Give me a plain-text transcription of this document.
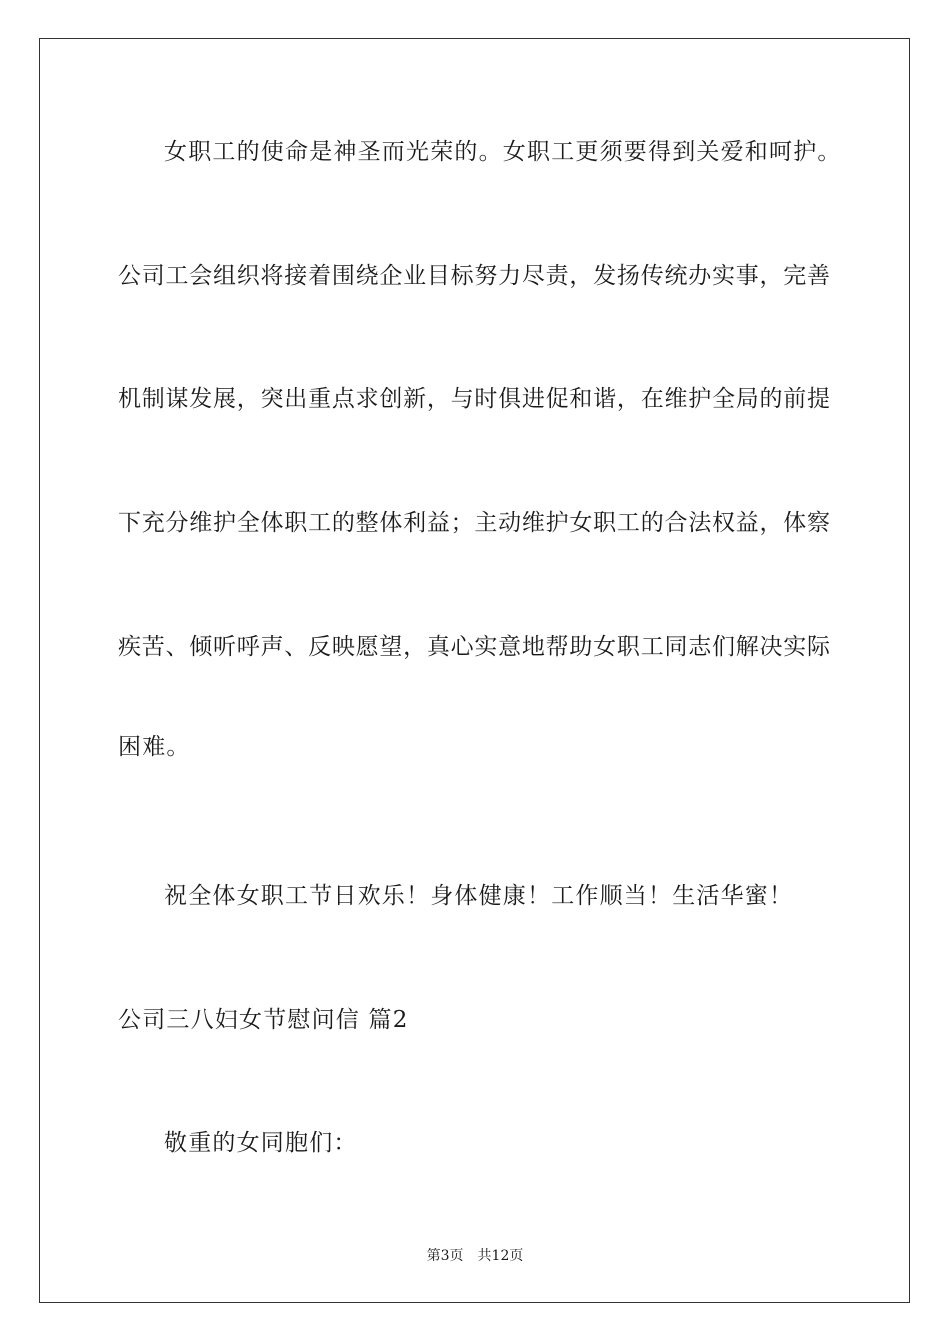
女职工的使命是神圣而光荣的。女职工更须要得到关爱和呵护。
公司工会组织将接着围绕企业目标努力尽责，发扬传统办实事，完善
机制谋发展，突出重点求创新，与时俱进促和谐，在维护全局的前提
下充分维护全体职工的整体利益；主动维护女职工的合法权益，体察
疾苦、倾听呼声、反映愿望，真心实意地帮助女职工同志们解决实际
困难。
祝全体女职工节日欢乐！身体健康！工作顺当！生活华蜜！
公司三八妇女节慰问信 篇2
敬重的女同胞们：
第3页　共12页
